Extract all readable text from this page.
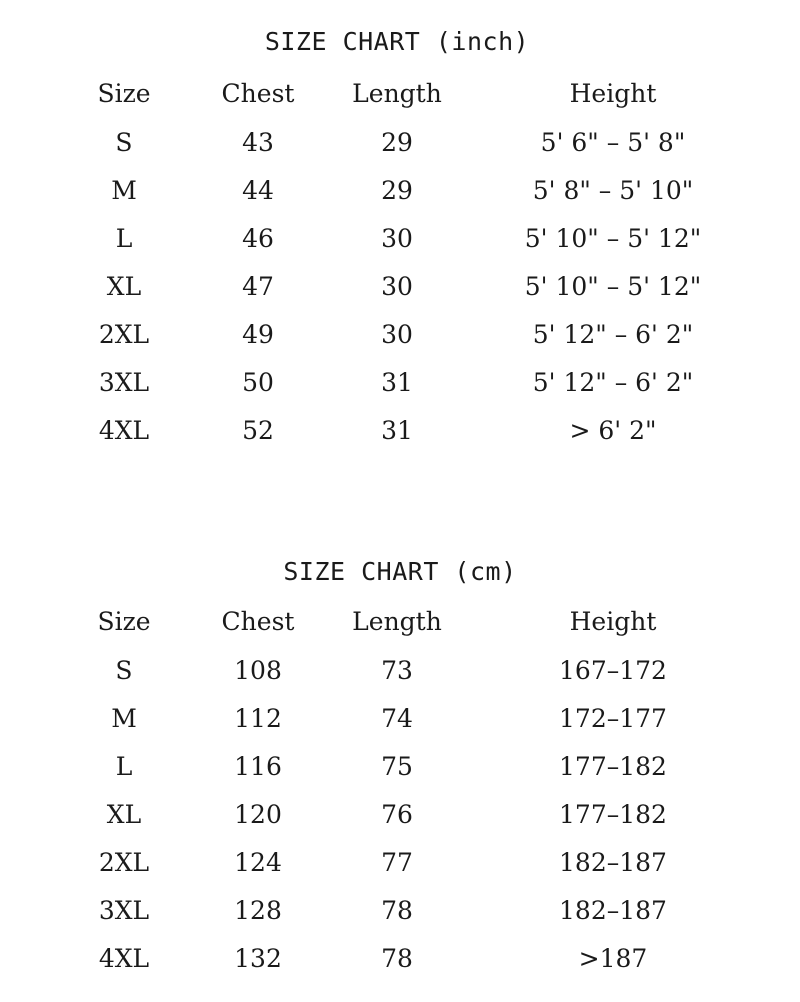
SIZE CHART (inch)
	Size	Chest	Length		Height	
	S	43	29		5' 6" – 5' 8"	
	M	44	29		5' 8" – 5' 10"	
	L	46	30		5' 10" – 5' 12"	
	XL	47	30		5' 10" – 5' 12"	
	2XL	49	30		5' 12" – 6' 2"	
	3XL	50	31		5' 12" – 6' 2"	
	4XL	52	31		> 6' 2"	
SIZE CHART (cm)
	Size	Chest	Length		Height	
	S	108	73		167–172	
	M	112	74		172–177	
	L	116	75		177–182	
	XL	120	76		177–182	
	2XL	124	77		182–187	
	3XL	128	78		182–187	
	4XL	132	78		>187	
